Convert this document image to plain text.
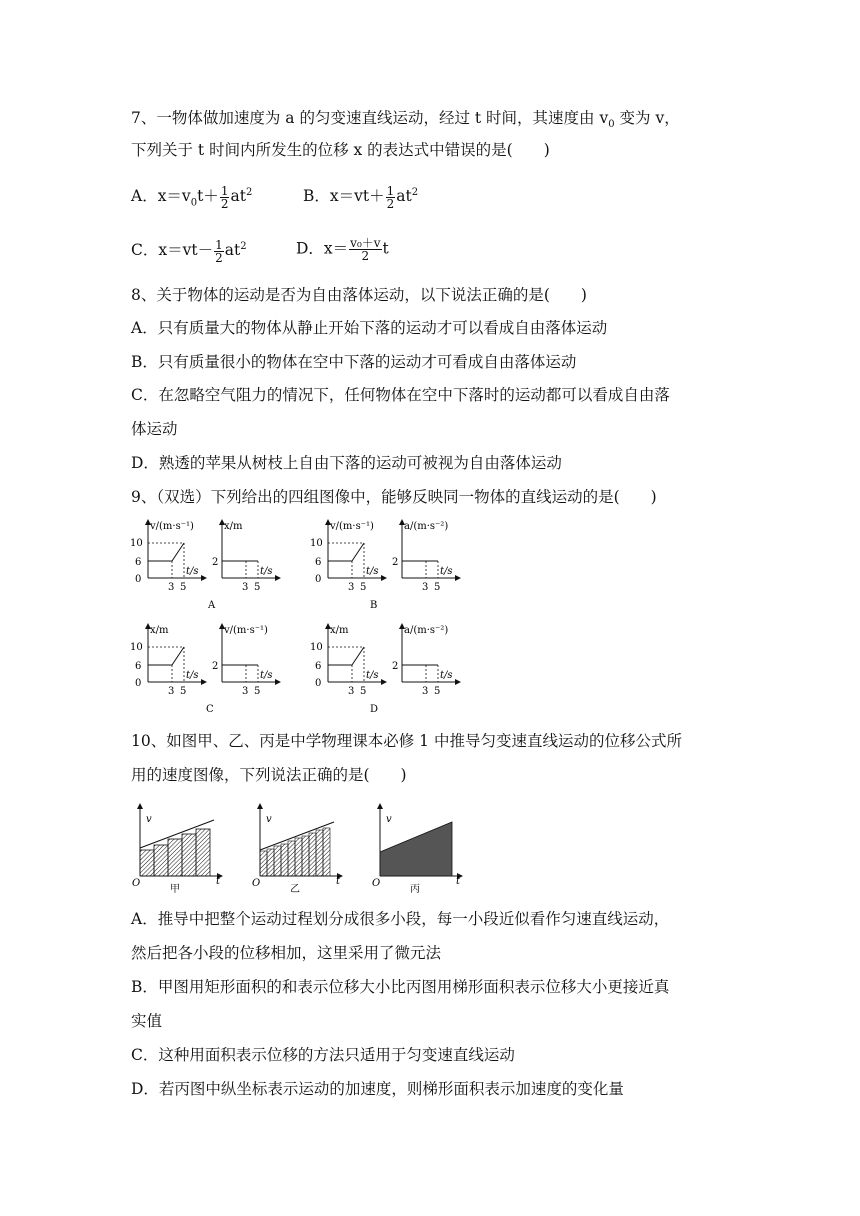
7、一物体做加速度为 a 的匀变速直线运动，经过 t 时间，其速度由 $v_0$ 变为 v，
下列关于 t 时间内所发生的位移 x 的表达式中错误的是(　　)
A．$x=v_0t+ \frac{1}{2} at^2$	B．$x=vt+ \frac{1}{2} at^2$
C．$x=vt- \frac{1}{2} at^2$	D．$x= \frac{\text{v₀＋v}}{2}$ t
8、关于物体的运动是否为自由落体运动，以下说法正确的是(　　)
A．只有质量大的物体从静止开始下落的运动才可以看成自由落体运动
B．只有质量很小的物体在空中下落的运动才可看成自由落体运动
C．在忽略空气阻力的情况下，任何物体在空中下落时的运动都可以看成自由落
体运动
D．熟透的苹果从树枝上自由下落的运动可被视为自由落体运动
9、（双选）下列给出的四组图像中，能够反映同一物体的直线运动的是(　　)
v/(m·s⁻¹)
10
6
0
3 5
t/s
x/m
2
3 5
t/s
A
v/(m·s⁻¹)
10
6
0
3 5
t/s
a/(m·s⁻²)
2
3 5
t/s
B
x/m
10
6
0
3 5
t/s
v/(m·s⁻¹)
2
3 5
t/s
C
x/m
10
6
0
3 5
t/s
a/(m·s⁻²)
2
3 5
t/s
D
10、如图甲、乙、丙是中学物理课本必修 1 中推导匀变速直线运动的位移公式所
用的速度图像，下列说法正确的是(　　)
v
t
O
甲
v
t
O
乙
v
t
O
丙
A．推导中把整个运动过程划分成很多小段，每一小段近似看作匀速直线运动，
然后把各小段的位移相加，这里采用了微元法
B．甲图用矩形面积的和表示位移大小比丙图用梯形面积表示位移大小更接近真
实值
C．这种用面积表示位移的方法只适用于匀变速直线运动
D．若丙图中纵坐标表示运动的加速度，则梯形面积表示加速度的变化量
